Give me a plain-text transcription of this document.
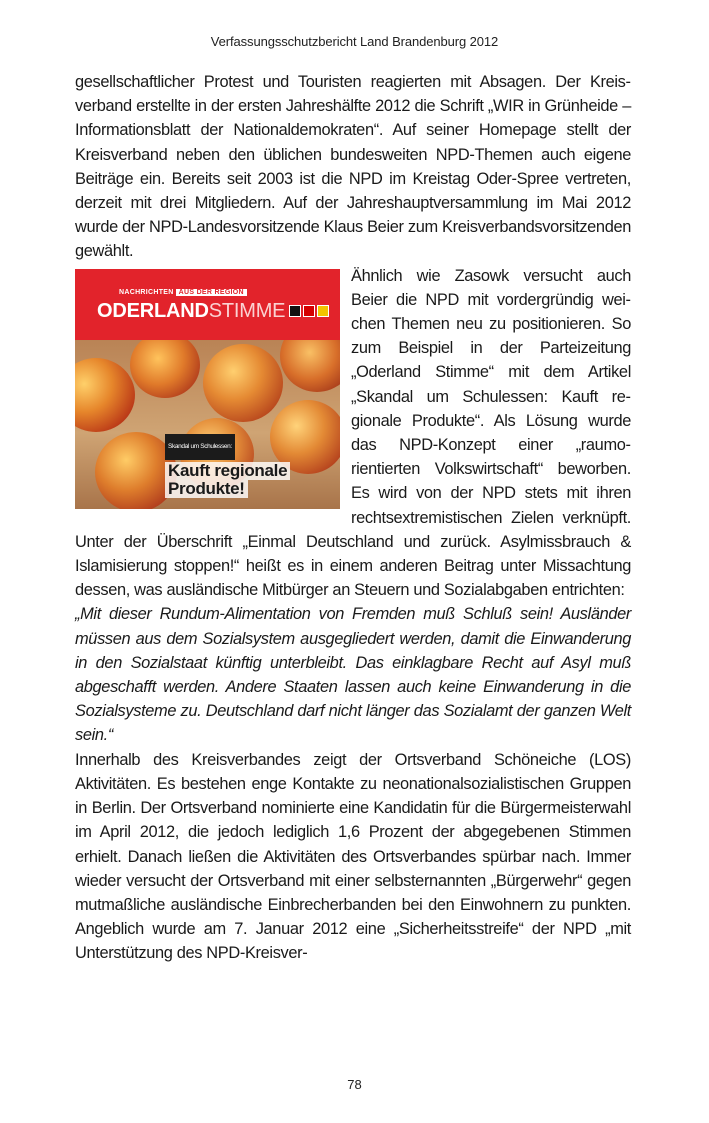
Verfassungsschutzbericht Land Brandenburg 2012

gesellschaftlicher Protest und Touristen reagierten mit Absagen. Der Kreisverband erstellte in der ersten Jahreshälfte 2012 die Schrift „WIR in Grünheide – Informationsblatt der Nationaldemokraten“. Auf seiner Homepage stellt der Kreisverband neben den üblichen bundesweiten NPD-Themen auch eigene Beiträge ein. Bereits seit 2003 ist die NPD im Kreistag Oder-Spree vertreten, derzeit mit drei Mitgliedern. Auf der Jahreshauptversammlung im Mai 2012 wurde der NPD-Landesvorsitzende Klaus Beier zum Kreisverbandsvorsitzenden gewählt.

NACHRICHTEN AUS DER REGION
ODERLANDSTIMME
Skandal um Schulessen:
Kauft regionale
Produkte!

Ähnlich wie Zasowk versucht auch Beier die NPD mit vordergründig weichen Themen neu zu positionieren. So zum Beispiel in der Parteizeitung „Oderland Stimme“ mit dem Artikel „Skandal um Schulessen: Kauft regionale Produkte“. Als Lösung wurde das NPD-Konzept einer „raumorientierten Volkswirtschaft“ beworben. Es wird von der NPD stets mit ihren rechtsextremistischen Zielen verknüpft. Unter der Überschrift „Einmal Deutschland und zurück. Asylmissbrauch & Islamisierung stoppen!“ heißt es in einem anderen Beitrag unter Missachtung dessen, was ausländische Mitbürger an Steuern und Sozialabgaben entrichten:

„Mit dieser Rundum-Alimentation von Fremden muß Schluß sein! Ausländer müssen aus dem Sozialsystem ausgegliedert werden, damit die Einwanderung in den Sozialstaat künftig unterbleibt. Das einklagbare Recht auf Asyl muß abgeschafft werden. Andere Staaten lassen auch keine Einwanderung in die Sozialsysteme zu. Deutschland darf nicht länger das Sozialamt der ganzen Welt sein.“

Innerhalb des Kreisverbandes zeigt der Ortsverband Schöneiche (LOS) Aktivitäten. Es bestehen enge Kontakte zu neonationalsozialistischen Gruppen in Berlin. Der Ortsverband nominierte eine Kandidatin für die Bürgermeisterwahl im April 2012, die jedoch lediglich 1,6 Prozent der abgegebenen Stimmen erhielt. Danach ließen die Aktivitäten des Ortsverbandes spürbar nach. Immer wieder versucht der Ortsverband mit einer selbsternannten „Bürgerwehr“ gegen mutmaßliche ausländische Einbrecherbanden bei den Einwohnern zu punkten. Angeblich wurde am 7. Januar 2012 eine „Sicherheitsstreife“ der NPD „mit Unterstützung des NPD-Kreisver-

78
